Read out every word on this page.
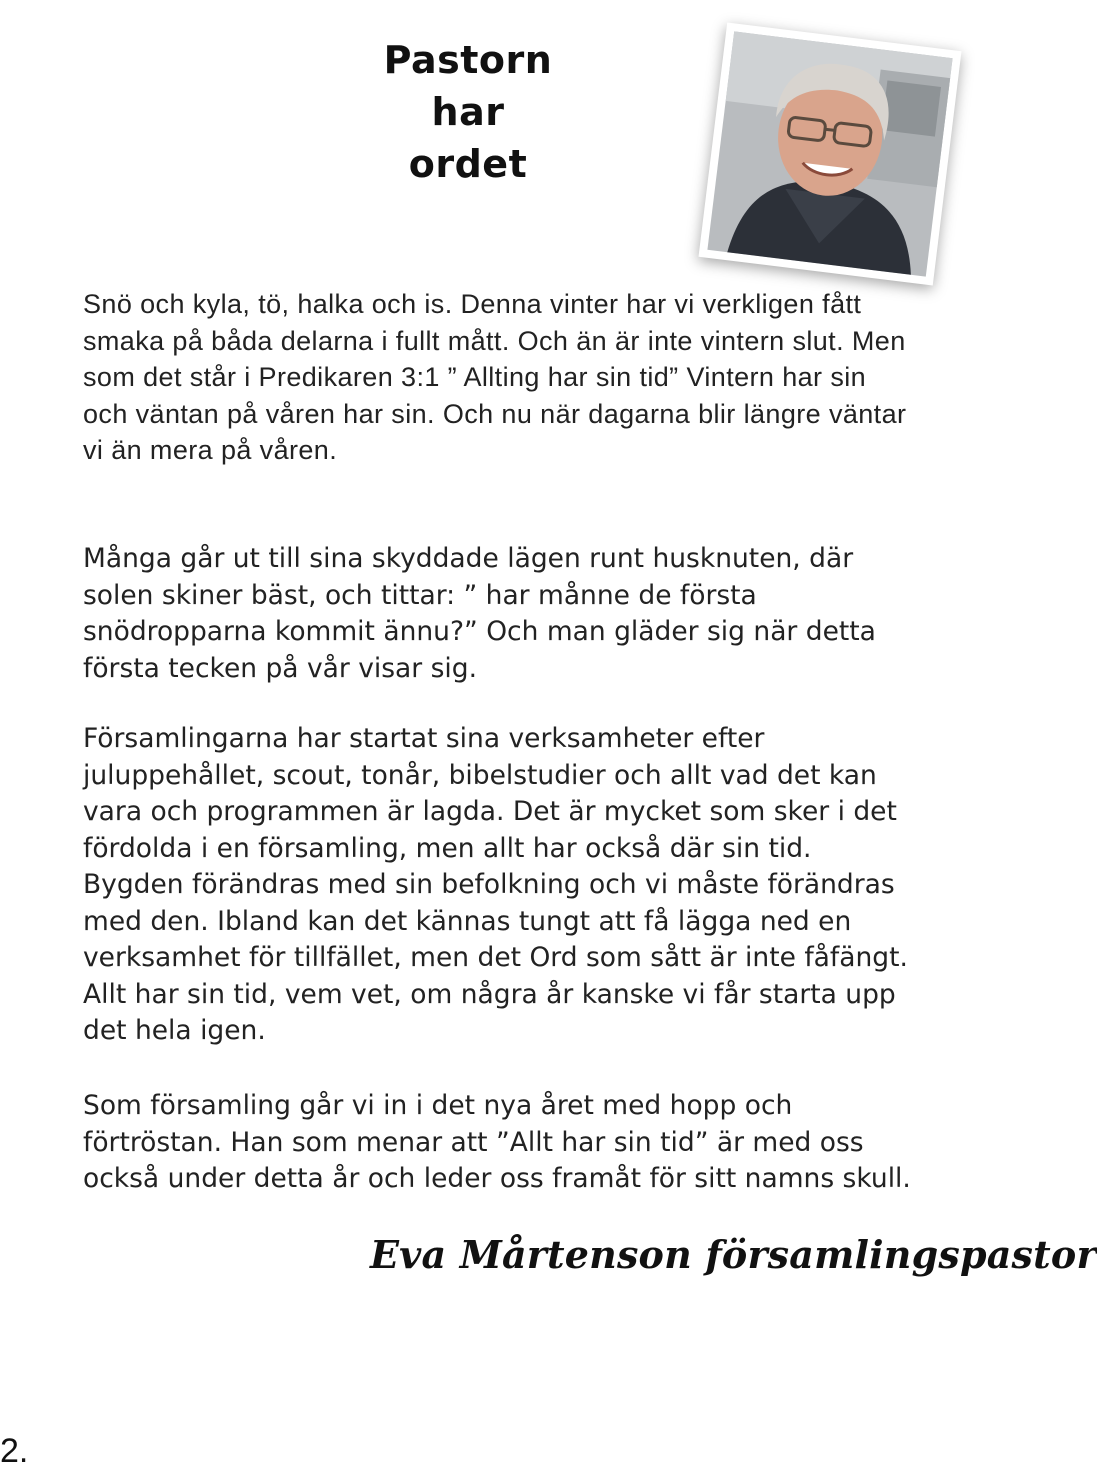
Pastorn
har
ordet

Snö och kyla, tö, halka och is. Denna vinter har vi verkligen fått smaka på båda delarna i fullt mått. Och än är inte vintern slut. Men som det står i Predikaren 3:1 ” Allting har sin tid” Vintern har sin och väntan på våren har sin. Och nu när dagarna blir längre väntar vi än mera på våren.

Många går ut till sina skyddade lägen runt husknuten, där solen skiner bäst, och tittar: ” har månne de första snödropparna kommit ännu?” Och man gläder sig när detta första tecken på vår visar sig.

Församlingarna har startat sina verksamheter efter juluppehållet, scout, tonår, bibelstudier och allt vad det kan vara och programmen är lagda. Det är mycket som sker i det fördolda i en församling, men allt har också där sin tid. Bygden förändras med sin befolkning och vi måste förändras med den. Ibland kan det kännas tungt att få lägga ned en verksamhet för tillfället, men det Ord som sått är inte fåfängt. Allt har sin tid, vem vet, om några år kanske vi får starta upp det hela igen.

Som församling går vi in i det nya året med hopp och förtröstan. Han som menar att ”Allt har sin tid” är med oss också under detta år och leder oss framåt för sitt namns skull.

Eva Mårtenson församlingspastor
2.
